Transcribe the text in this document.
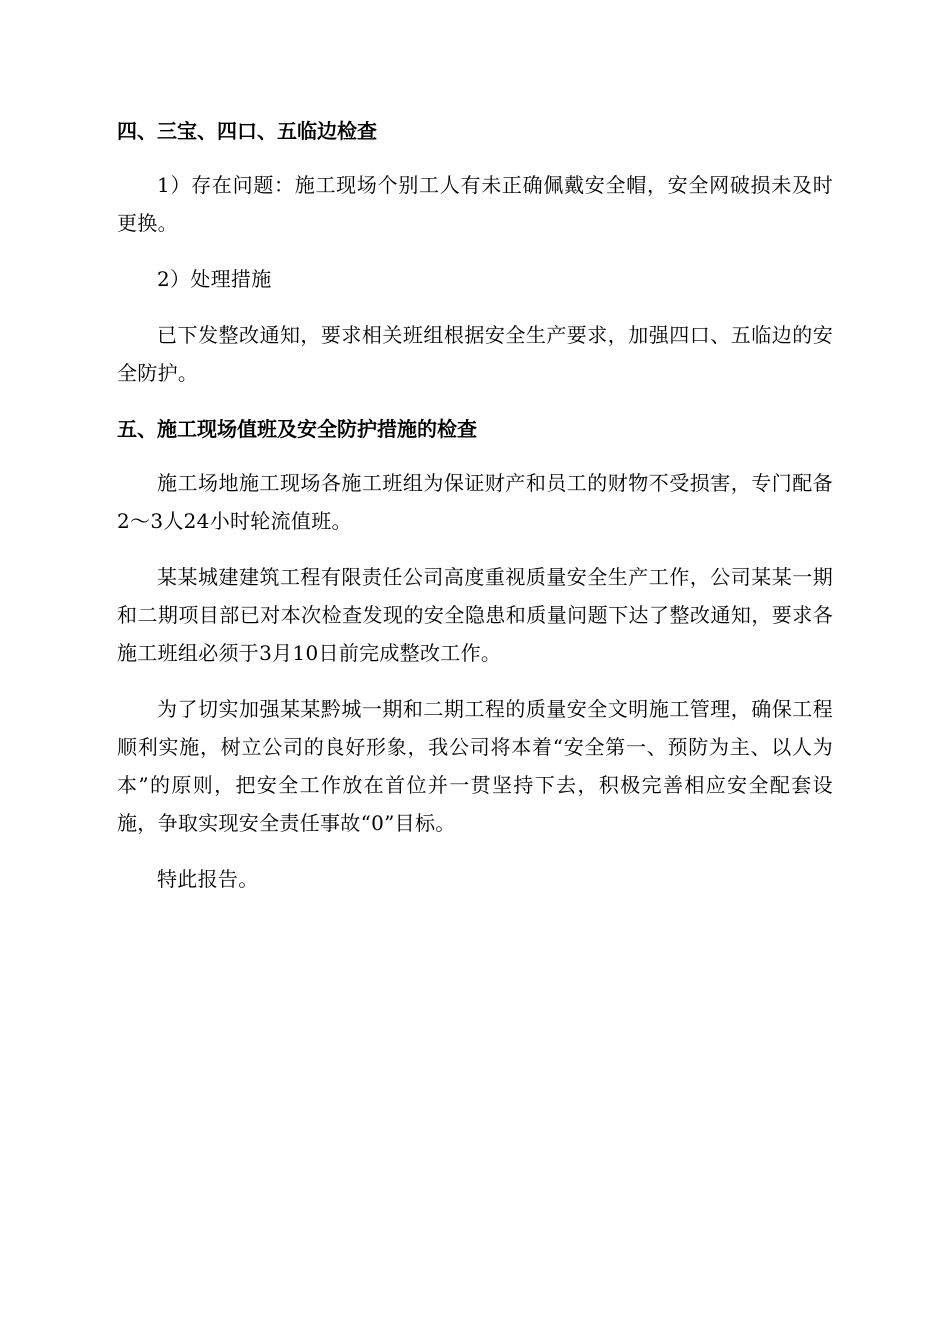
四、三宝、四口、五临边检查

1）存在问题：施工现场个别工人有未正确佩戴安全帽，安全网破损未及时更换。

2）处理措施

已下发整改通知，要求相关班组根据安全生产要求，加强四口、五临边的安全防护。

五、施工现场值班及安全防护措施的检查

施工场地施工现场各施工班组为保证财产和员工的财物不受损害，专门配备2～3人24小时轮流值班。

某某城建建筑工程有限责任公司高度重视质量安全生产工作，公司某某一期和二期项目部已对本次检查发现的安全隐患和质量问题下达了整改通知，要求各施工班组必须于3月10日前完成整改工作。

为了切实加强某某黔城一期和二期工程的质量安全文明施工管理，确保工程顺利实施，树立公司的良好形象，我公司将本着“安全第一、预防为主、以人为本”的原则，把安全工作放在首位并一贯坚持下去，积极完善相应安全配套设施，争取实现安全责任事故“0”目标。

特此报告。
